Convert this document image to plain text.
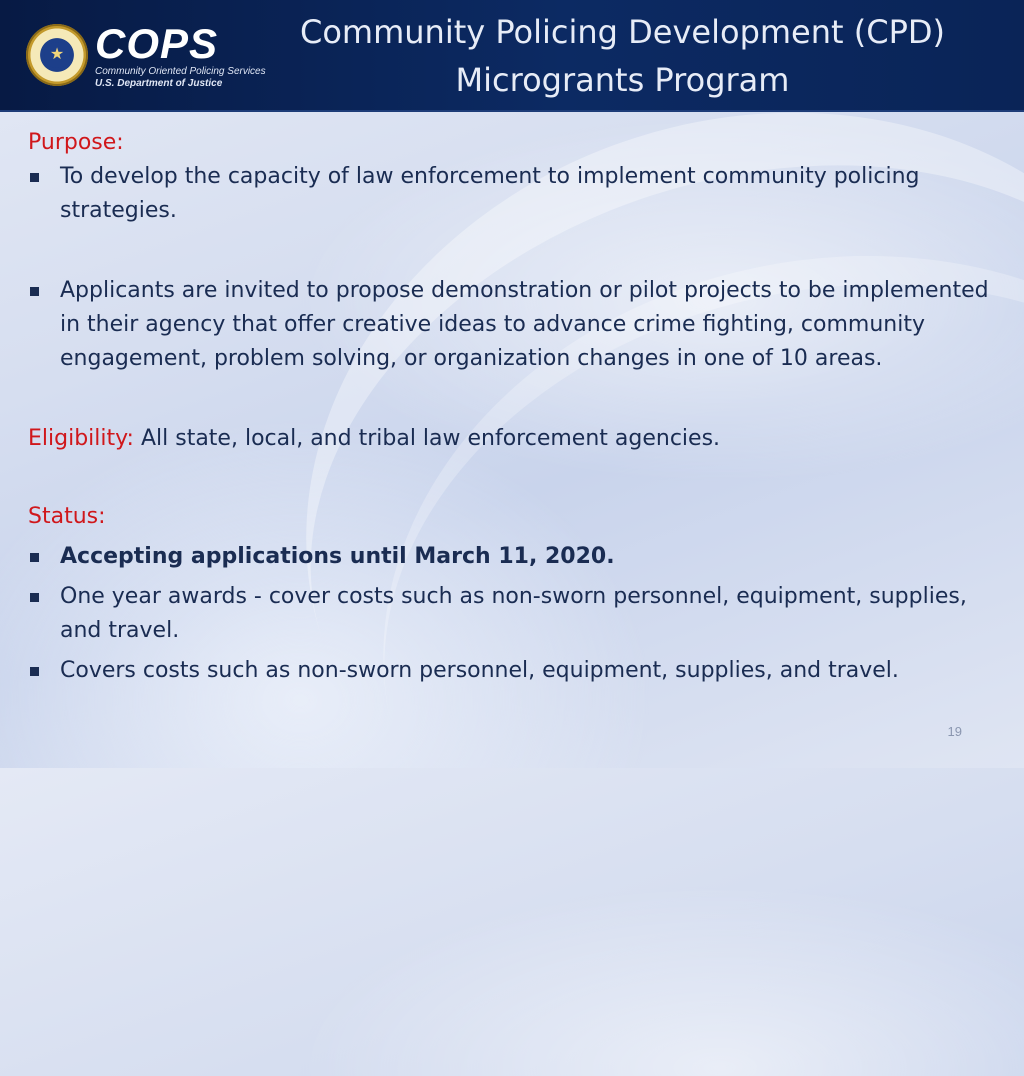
★ COPS
Community Oriented Policing Services
U.S. Department of Justice
Community Policing Development (CPD)
Microgrants Program
Purpose:
To develop the capacity of law enforcement to implement community policing strategies.
Applicants are invited to propose demonstration or pilot projects to be implemented in their agency that offer creative ideas to advance crime fighting, community engagement, problem solving, or organization changes in one of 10 areas.

Eligibility: All state, local, and tribal law enforcement agencies.

Status:
Accepting applications until March 11, 2020.
One year awards - cover costs such as non-sworn personnel, equipment, supplies, and travel.
Covers costs such as non-sworn personnel, equipment, supplies, and travel.
19
